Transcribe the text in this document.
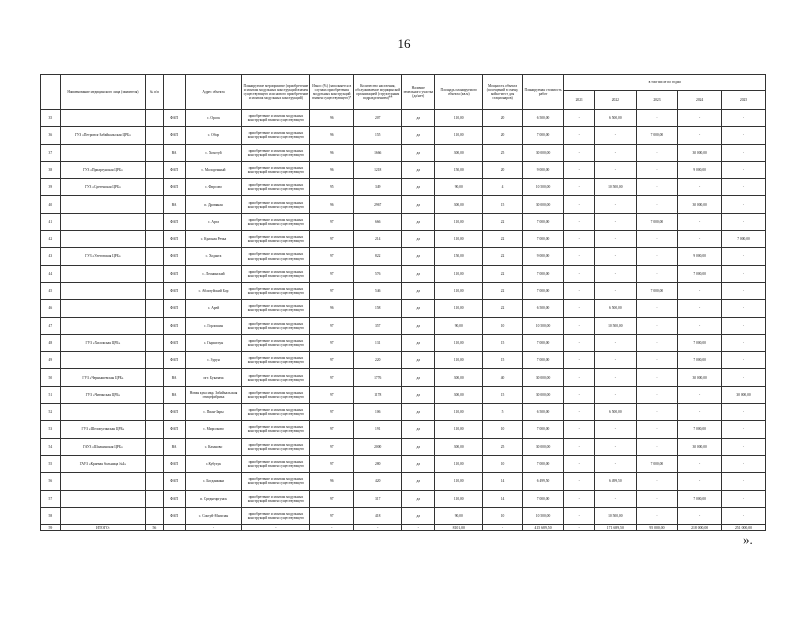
16
	Наименование медицинского лица (заявителя)	№ п/п		Адрес объекта	Планируемое мероприятие (приобретение и монтаж модульных конструкций взамен существующего или нового приобретение и монтаж модульных конструкций)	Износ (%) (заполняется в случаях приобретения модульных конструкций взамен существующего)*	Количество населения, обслуживаемое медицинской организацией (структурным подразделением)**	Наличие земельного участка (да/нет)	Площадь планируемого объекта (кв.м)	Мощность объекта (посещений в смену, койко-мест для стационаров)	Планируемая стоимость работ	в том числе по годам				
												2021	2022	2023	2024	2025
35			ФАП	с. Орсок	приобретение и монтаж модульных конструкций взамен существующего	96	207	да	110,00	20	6 500,00	-	6 500,00	-	-	-
36	ГУЗ «Петровск-Забайкальская ЦРБ»		ФАП	с. Обор	приобретение и монтаж модульных конструкций взамен существующего	96	155	да	110,00	20	7 000,00	-	-	7 000,00	-	-
37			ВА	с. Хохотуй	приобретение и монтаж модульных конструкций взамен существующего	96	1666	да	300,00	25	30 000,00	-	-	-	30 000,00	-
38	ГУЗ «Приаргунская ЦРБ»		ФАП	с. Молодежный	приобретение и монтаж модульных конструкций взамен существующего	96	1218	да	150,00	20	9 000,00	-	-	-	9 000,00	-
39	ГУЗ «Сретенская ЦРБ»		ФАП	с. Фирсово	приобретение и монтаж модульных конструкций взамен существующего	95	349	да	90,00	4	10 500,00	-	10 500,00	-	-	-
40			ВА	п. Дровяная	приобретение и монтаж модульных конструкций взамен существующего	96	2967	да	300,00	15	30 000,00	-	-	-	30 000,00	-
41			ФАП	с. Арта	приобретение и монтаж модульных конструкций взамен существующего	97	666	да	110,00	22	7 000,00	-	-	7 000,00	-	-
42			ФАП	с. Красная Речка	приобретение и монтаж модульных конструкций взамен существующего	97	214	да	110,00	22	7 000,00	-	-	-	-	7 000,00
43	ГУЗ «Улетовская ЦРБ»		ФАП	с. Ходакта	приобретение и монтаж модульных конструкций взамен существующего	97	822	да	150,00	22	9 000,00	-	-	-	9 000,00	-
44			ФАП	с. Леонинский	приобретение и монтаж модульных конструкций взамен существующего	97	576	да	110,00	22	7 000,00	-	-	-	7 000,00	-
45			ФАП	с. Аблатуйский Бор	приобретение и монтаж модульных конструкций взамен существующего	97	546	да	110,00	22	7 000,00	-	-	7 000,00	-	-
46			ФАП	с. Арей	приобретение и монтаж модульных конструкций взамен существующего	96	158	да	110,00	22	6 500,00	-	6 500,00	-	-	-
47			ФАП	с. Горлошин	приобретение и монтаж модульных конструкций взамен существующего	97	357	да	90,00	10	10 500,00	-	10 500,00	-	-	-
48	ГУЗ «Хилокская ЦРБ»		ФАП	с. Гыршелун	приобретение и монтаж модульных конструкций взамен существующего	97	131	да	110,00	15	7 000,00	-	-	-	7 000,00	-
49			ФАП	с. Зурун	приобретение и монтаж модульных конструкций взамен существующего	97	220	да	110,00	15	7 000,00	-	-	-	7 000,00	-
50	ГУЗ «Чернышевская ЦРБ»		ВА	пгт. Букачача	приобретение и монтаж модульных конструкций взамен существующего	97	1776	да	300,00	40	30 000,00	-	-	-	30 000,00	-
51	ГУЗ «Читинская ЦРБ»		ВА	Новая кука мкр. Забайкальская птицефабрика	приобретение и монтаж модульных конструкций взамен существующего	97	1178	да	300,00	15	30 000,00	-	-	-	-	30 000,00
52			ФАП	с. Пиан-Зары	приобретение и монтаж модульных конструкций взамен существующего	97	106	да	110,00	5	6 500,00	-	6 500,00	-	-	-
53	ГУЗ «Шелопугинская ЦРБ»		ФАП	с. Мирсоково	приобретение и монтаж модульных конструкций взамен существующего	97	191	да	110,00	10	7 000,00	-	-	-	7 000,00	-
54	ГАУЗ «Шилкинская ЦРБ»		ВА	с. Казаново	приобретение и монтаж модульных конструкций взамен существующего	97	2000	да	300,00	25	30 000,00	-	-	-	30 000,00	-
55	ГАУЗ «Краевая больница №4»		ФАП	с.Кубухук	приобретение и монтаж модульных конструкций взамен существующего	97	280	да	110,00	10	7 000,00	-	-	7 000,00	-	-
56			ФАП	с. Богданкина	приобретение и монтаж модульных конструкций взамен существующего	96	420	да	110,00	14	6 499,50	-	6 499,50	-	-	-
57			ФАП	п. Среднеаргунск	приобретение и монтаж модульных конструкций взамен существующего	97	317	да	110,00	14	7 000,00	-	-	-	7 000,00	-
58			ФАП	с. Соктуй-Милозан	приобретение и монтаж модульных конструкций взамен существующего	97	418	да	90,00	10	10 500,00	-	10 500,00	-	-	-
59	ИТОГО:	56		-	-	-	-	-	8101,00	-	415 689,50	-	171 689,50	95 000,00	218 000,00	251 000,00
».
